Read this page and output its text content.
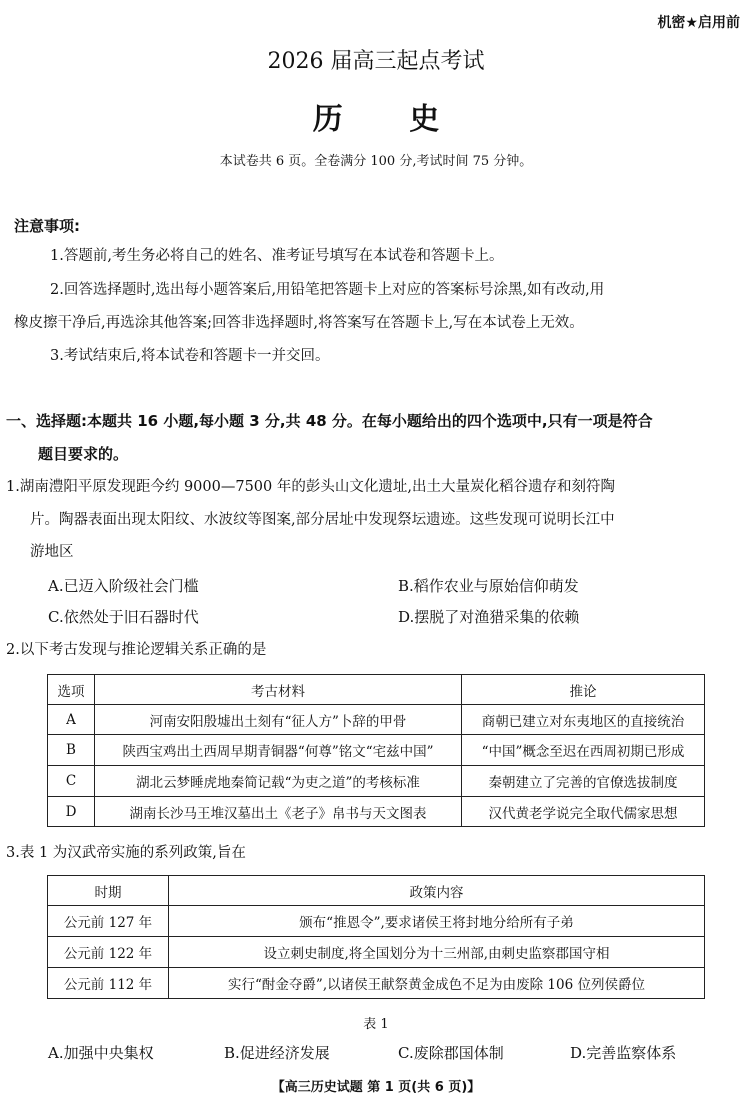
机密★启用前
2026 届高三起点考试
历 史
本试卷共 6 页。全卷满分 100 分,考试时间 75 分钟。
注意事项:
1.答题前,考生务必将自己的姓名、准考证号填写在本试卷和答题卡上。
2.回答选择题时,选出每小题答案后,用铅笔把答题卡上对应的答案标号涂黑,如有改动,用
橡皮擦干净后,再选涂其他答案;回答非选择题时,将答案写在答题卡上,写在本试卷上无效。
3.考试结束后,将本试卷和答题卡一并交回。
一、选择题:本题共 16 小题,每小题 3 分,共 48 分。在每小题给出的四个选项中,只有一项是符合
题目要求的。
1.湖南澧阳平原发现距今约 9000—7500 年的彭头山文化遗址,出土大量炭化稻谷遗存和刻符陶
片。陶器表面出现太阳纹、水波纹等图案,部分居址中发现祭坛遗迹。这些发现可说明长江中
游地区
A.已迈入阶级社会门槛	B.稻作农业与原始信仰萌发
C.依然处于旧石器时代	D.摆脱了对渔猎采集的依赖
2.以下考古发现与推论逻辑关系正确的是
选项	考古材料	推论
A	河南安阳殷墟出土刻有“征人方”卜辞的甲骨	商朝已建立对东夷地区的直接统治
B	陕西宝鸡出土西周早期青铜器“何尊”铭文“宅兹中国”	“中国”概念至迟在西周初期已形成
C	湖北云梦睡虎地秦简记载“为吏之道”的考核标准	秦朝建立了完善的官僚选拔制度
D	湖南长沙马王堆汉墓出土《老子》帛书与天文图表	汉代黄老学说完全取代儒家思想
3.表 1 为汉武帝实施的系列政策,旨在
时期	政策内容
公元前 127 年	颁布“推恩令”,要求诸侯王将封地分给所有子弟
公元前 122 年	设立刺史制度,将全国划分为十三州部,由刺史监察郡国守相
公元前 112 年	实行“酎金夺爵”,以诸侯王献祭黄金成色不足为由废除 106 位列侯爵位
表 1
A.加强中央集权	B.促进经济发展	C.废除郡国体制	D.完善监察体系
【高三历史试题 第 1 页(共 6 页)】
